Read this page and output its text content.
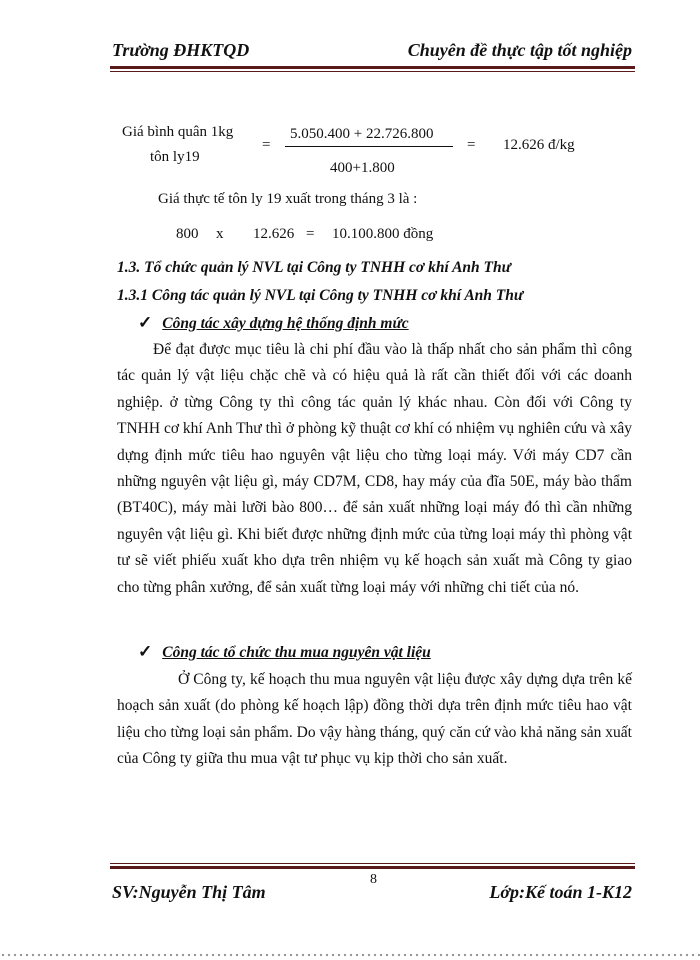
Trường ĐHKTQD	Chuyên đề thực tập tốt nghiệp
Giá bình quân 1kg
tôn ly19
=
5.050.400 + 22.726.800
400+1.800
= 12.626 đ/kg
Giá thực tế tôn ly 19 xuất trong tháng 3 là :
800 x 12.626 = 10.100.800 đồng
1.3. Tổ chức quản lý NVL tại Công ty TNHH cơ khí Anh Thư
1.3.1 Công tác quản lý NVL tại Công ty TNHH cơ khí Anh Thư
✓ Công tác xây dựng hệ thống định mức

Để đạt được mục tiêu là chi phí đầu vào là thấp nhất cho sản phẩm thì công tác quản lý vật liệu chặc chẽ và có hiệu quả là rất cần thiết đối với các doanh nghiệp. ở từng Công ty thì công tác quản lý khác nhau. Còn đối với Công ty TNHH cơ khí Anh Thư thì ở phòng kỹ thuật cơ khí có nhiệm vụ nghiên cứu và xây dựng định mức tiêu hao nguyên vật liệu cho từng loại máy. Với máy CD7 cần những nguyên vật liệu gì, máy CD7M, CD8, hay máy của đĩa 50E, máy bào thẩm (BT40C), máy mài lưỡi bào 800… để sản xuất những loại máy đó thì cần những nguyên vật liệu gì. Khi biết được những định mức của từng loại máy thì phòng vật tư sẽ viết phiếu xuất kho dựa trên nhiệm vụ kế hoạch sản xuất mà Công ty giao cho từng phân xưởng, để sản xuất từng loại máy với những chi tiết của nó.

✓ Công tác tổ chức thu mua nguyên vật liệu

Ở Công ty, kế hoạch thu mua nguyên vật liệu được xây dựng dựa trên kế hoạch sản xuất (do phòng kế hoạch lập) đồng thời dựa trên định mức tiêu hao vật liệu cho từng loại sản phẩm. Do vậy hàng tháng, quý căn cứ vào khả năng sản xuất của Công ty giữa thu mua vật tư phục vụ kịp thời cho sản xuất.

8
SV:Nguyễn Thị Tâm	Lớp:Kế toán 1-K12
